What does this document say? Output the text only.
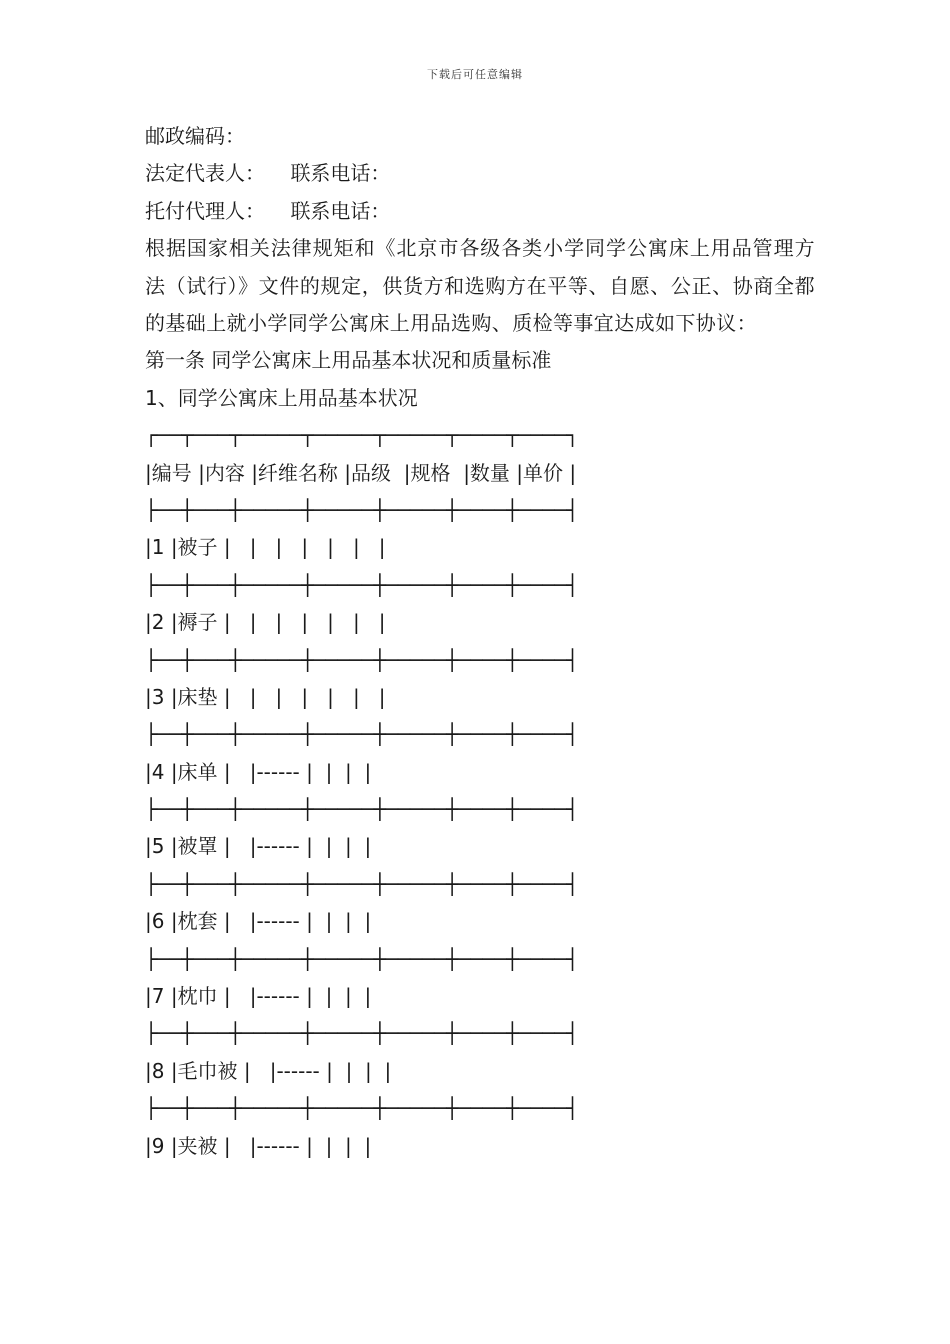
下载后可任意编辑
邮政编码：
法定代表人： 联系电话：
托付代理人： 联系电话：
根据国家相关法律规矩和《北京市各级各类小学同学公寓床上用品管理方法（试行）》文件的规定，供货方和选购方在平等、自愿、公正、协商全都的基础上就小学同学公寓床上用品选购、质检等事宜达成如下协议：
第一条 同学公寓床上用品基本状况和质量标准
1、同学公寓床上用品基本状况
┌──┬───┬─────┬─────┬─────┬────┬────┐
|编号 |内容 |纤维名称 |品级  |规格  |数量 |单价 |
├──┼───┼─────┼─────┼─────┼────┼────┤
|1 |被子 |   |   |   |   |   |   |
├──┼───┼─────┼─────┼─────┼────┼────┤
|2 |褥子 |   |   |   |   |   |   |
├──┼───┼─────┼─────┼─────┼────┼────┤
|3 |床垫 |   |   |   |   |   |   |
├──┼───┼─────┼─────┼─────┼────┼────┤
|4 |床单 |   |------ |  |  |  |
├──┼───┼─────┼─────┼─────┼────┼────┤
|5 |被罩 |   |------ |  |  |  |
├──┼───┼─────┼─────┼─────┼────┼────┤
|6 |枕套 |   |------ |  |  |  |
├──┼───┼─────┼─────┼─────┼────┼────┤
|7 |枕巾 |   |------ |  |  |  |
├──┼───┼─────┼─────┼─────┼────┼────┤
|8 |毛巾被 |   |------ |  |  |  |
├──┼───┼─────┼─────┼─────┼────┼────┤
|9 |夹被 |   |------ |  |  |  |
